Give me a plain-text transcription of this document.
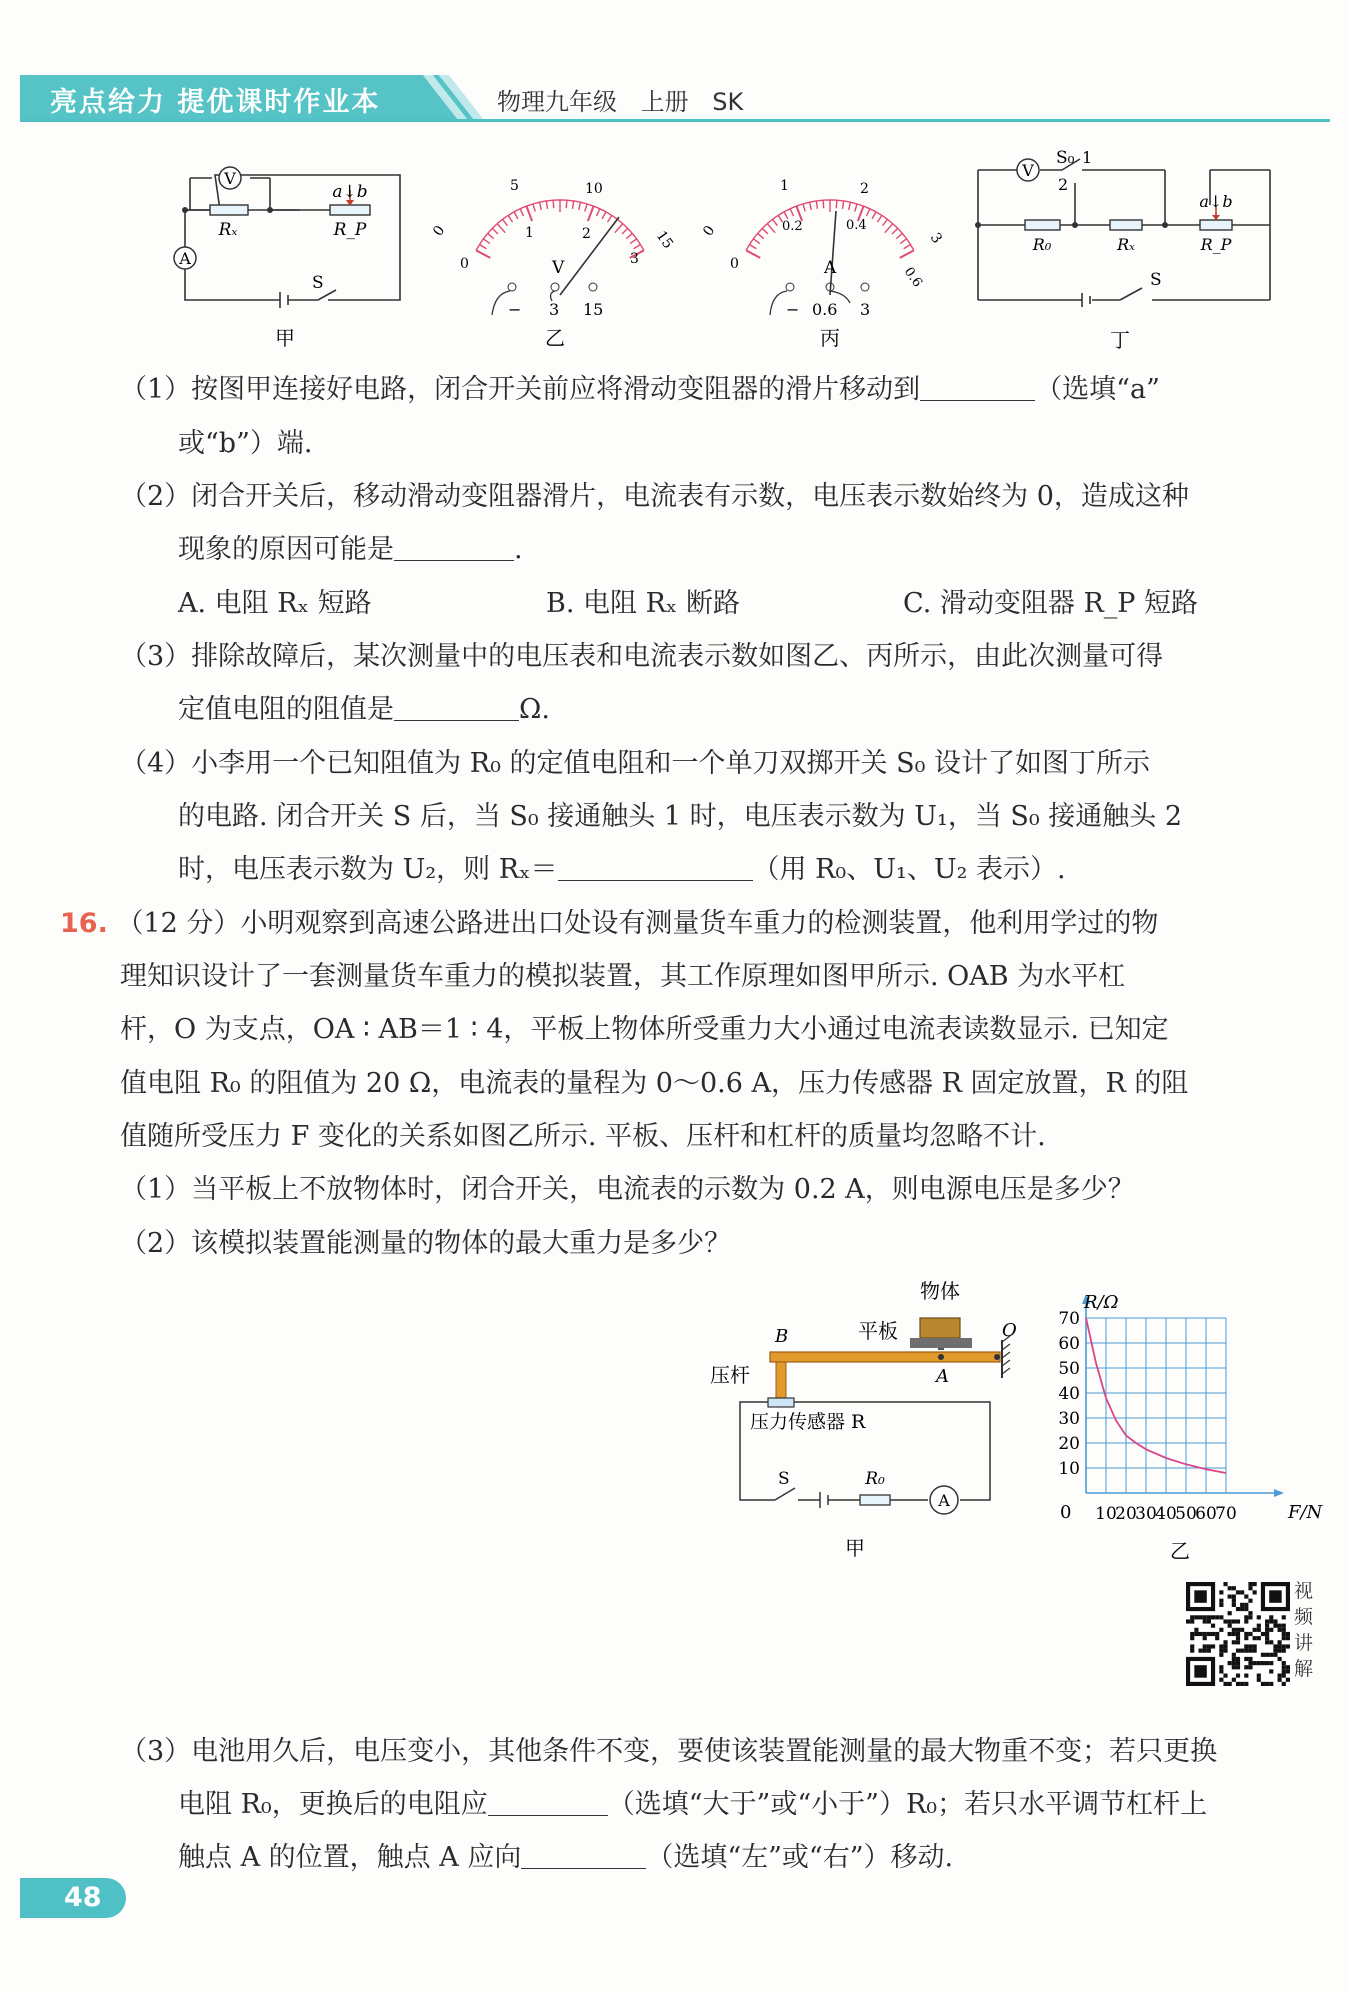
亮点给力 提优课时作业本	物理九年级 上册 SK
V
A
Rₓ	R_P
a↓b
S
甲
0
5	10
15
0
1	2
3
V
− 3 15
乙
0
1	2
3
0
0.2	0.4
0.6
A
− 0.6 3
丙
V
S₀ 1
2
R₀	Rₓ	R_P
a↓b
S
丁
（1）按图甲连接好电路，闭合开关前应将滑动变阻器的滑片移动到	（选填“a”
或“b”）端.
（2）闭合开关后，移动滑动变阻器滑片，电流表有示数，电压表示数始终为 0，造成这种
现象的原因可能是	.
A. 电阻 Rₓ 短路	B. 电阻 Rₓ 断路	C. 滑动变阻器 R_P 短路
（3）排除故障后，某次测量中的电压表和电流表示数如图乙、丙所示，由此次测量可得
定值电阻的阻值是	Ω.
（4）小李用一个已知阻值为 R₀ 的定值电阻和一个单刀双掷开关 S₀ 设计了如图丁所示
的电路. 闭合开关 S 后，当 S₀ 接通触头 1 时，电压表示数为 U₁，当 S₀ 接通触头 2
时，电压表示数为 U₂，则 Rₓ＝	（用 R₀、U₁、U₂ 表示）.
16. （12 分）小明观察到高速公路进出口处设有测量货车重力的检测装置，他利用学过的物
理知识设计了一套测量货车重力的模拟装置，其工作原理如图甲所示. OAB 为水平杠
杆，O 为支点，OA ∶ AB＝1 ∶ 4，平板上物体所受重力大小通过电流表读数显示. 已知定
值电阻 R₀ 的阻值为 20 Ω，电流表的量程为 0～0.6 A，压力传感器 R 固定放置，R 的阻
值随所受压力 F 变化的关系如图乙所示. 平板、压杆和杠杆的质量均忽略不计.
（1）当平板上不放物体时，闭合开关，电流表的示数为 0.2 A，则电源电压是多少？
（2）该模拟装置能测量的物体的最大重力是多少？
物体
平板
B	O
A
压杆
A
压力传感器 R
S	R₀
甲
10
20
30
40
50
60
70
10
20
30
40
50
60
70
R/Ω
F/N
0
乙
视频讲解
（3）电池用久后，电压变小，其他条件不变，要使该装置能测量的最大物重不变；若只更换
电阻 R₀，更换后的电阻应	（选填“大于”或“小于”）R₀；若只水平调节杠杆上
触点 A 的位置，触点 A 应向	（选填“左”或“右”）移动.
48
